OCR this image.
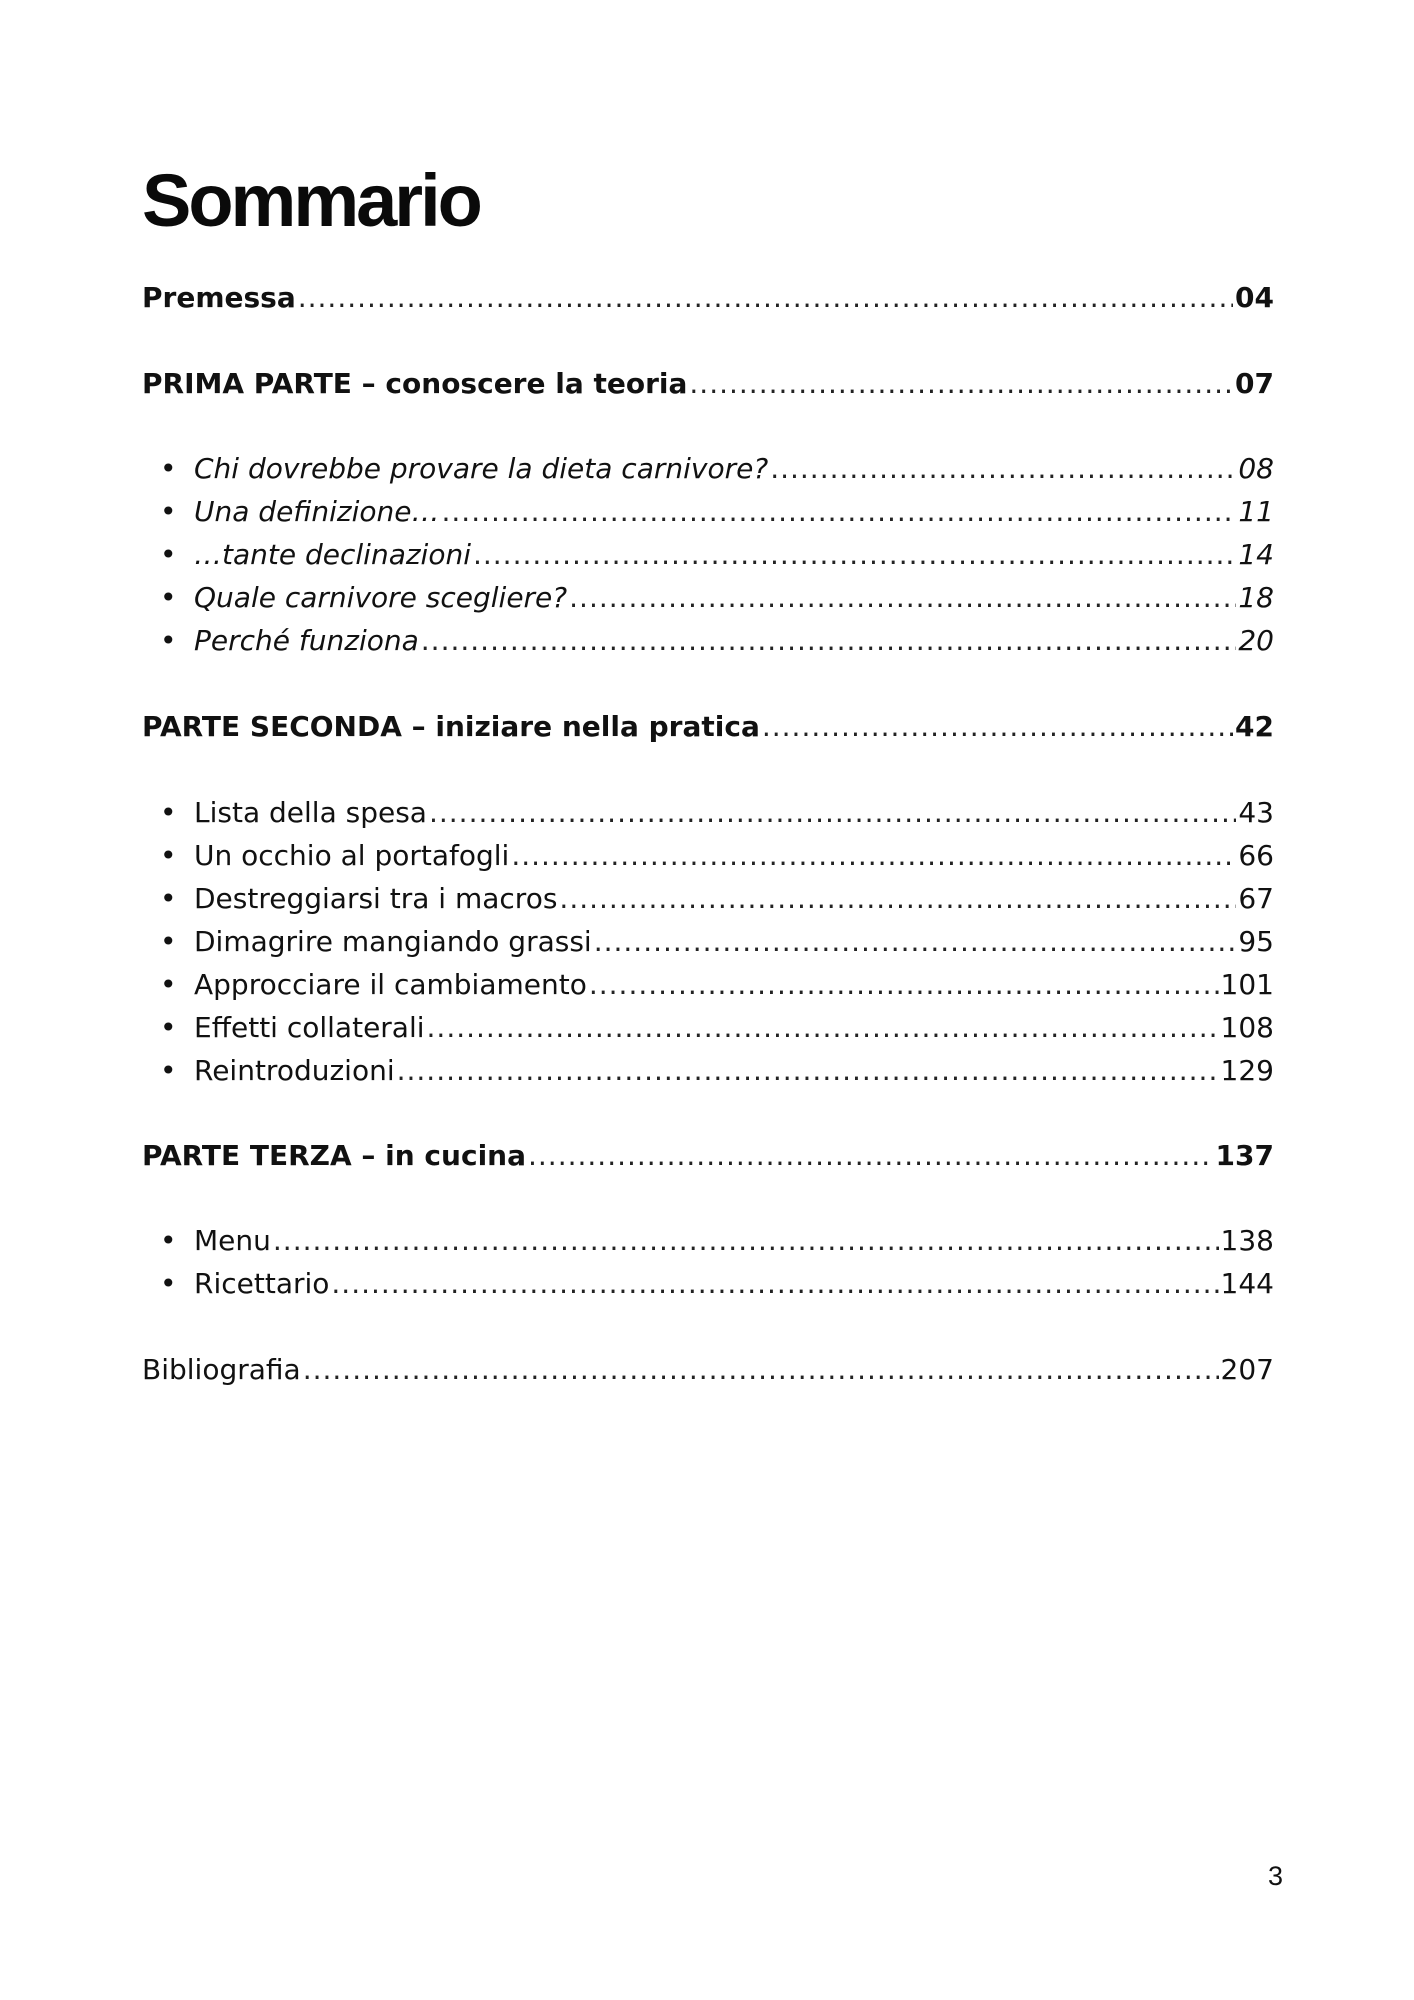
Sommario
Premessa .....	04
PRIMA PARTE – conoscere la teoria .....	07
• Chi dovrebbe provare la dieta carnivore? .....	08
• Una definizione… .....	11
• …tante declinazioni .....	14
• Quale carnivore scegliere? .....	18
• Perché funziona .....	20
PARTE SECONDA – iniziare nella pratica .....	42
• Lista della spesa .....	43
• Un occhio al portafogli .....	66
• Destreggiarsi tra i macros .....	67
• Dimagrire mangiando grassi .....	95
• Approcciare il cambiamento .....	101
• Effetti collaterali .....	108
• Reintroduzioni .....	129
PARTE TERZA – in cucina .....	137
• Menu .....	138
• Ricettario .....	144
Bibliografia .....	207
3
